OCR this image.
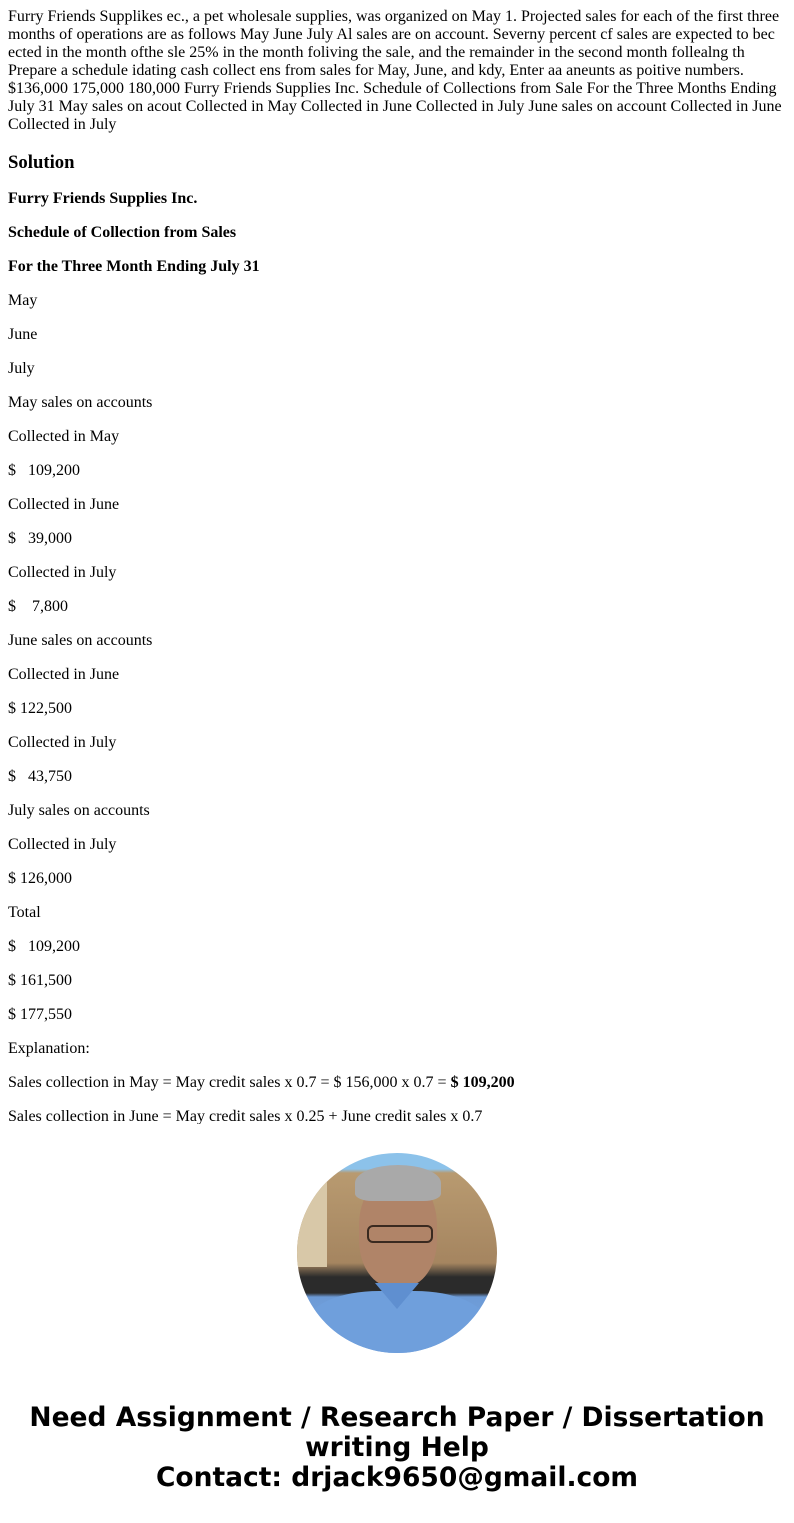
Furry Friends Supplikes ec., a pet wholesale supplies, was organized on May 1. Projected sales for each of the first three months of operations are as follows May June July Al sales are on account. Severny percent cf sales are expected to bec ected in the month ofthe sle 25% in the month foliving the sale, and the remainder in the second month follealng th Prepare a schedule idating cash collect ens from sales for May, June, and kdy, Enter aa aneunts as poitive numbers. $136,000 175,000 180,000 Furry Friends Supplies Inc. Schedule of Collections from Sale For the Three Months Ending July 31 May sales on acout Collected in May Collected in June Collected in July June sales on account Collected in June Collected in July
Solution

Furry Friends Supplies Inc.

Schedule of Collection from Sales

For the Three Month Ending July 31

May

June

July

May sales on accounts

Collected in May

$   109,200

Collected in June

$   39,000

Collected in July

$    7,800

June sales on accounts

Collected in June

$ 122,500

Collected in July

$   43,750

July sales on accounts

Collected in July

$ 126,000

Total

$   109,200

$ 161,500

$ 177,550

Explanation:

Sales collection in May = May credit sales x 0.7 = $ 156,000 x 0.7 = $ 109,200

Sales collection in June = May credit sales x 0.25 + June credit sales x 0.7

Need Assignment / Research Paper / Dissertation
writing Help
Contact: drjack9650@gmail.com
